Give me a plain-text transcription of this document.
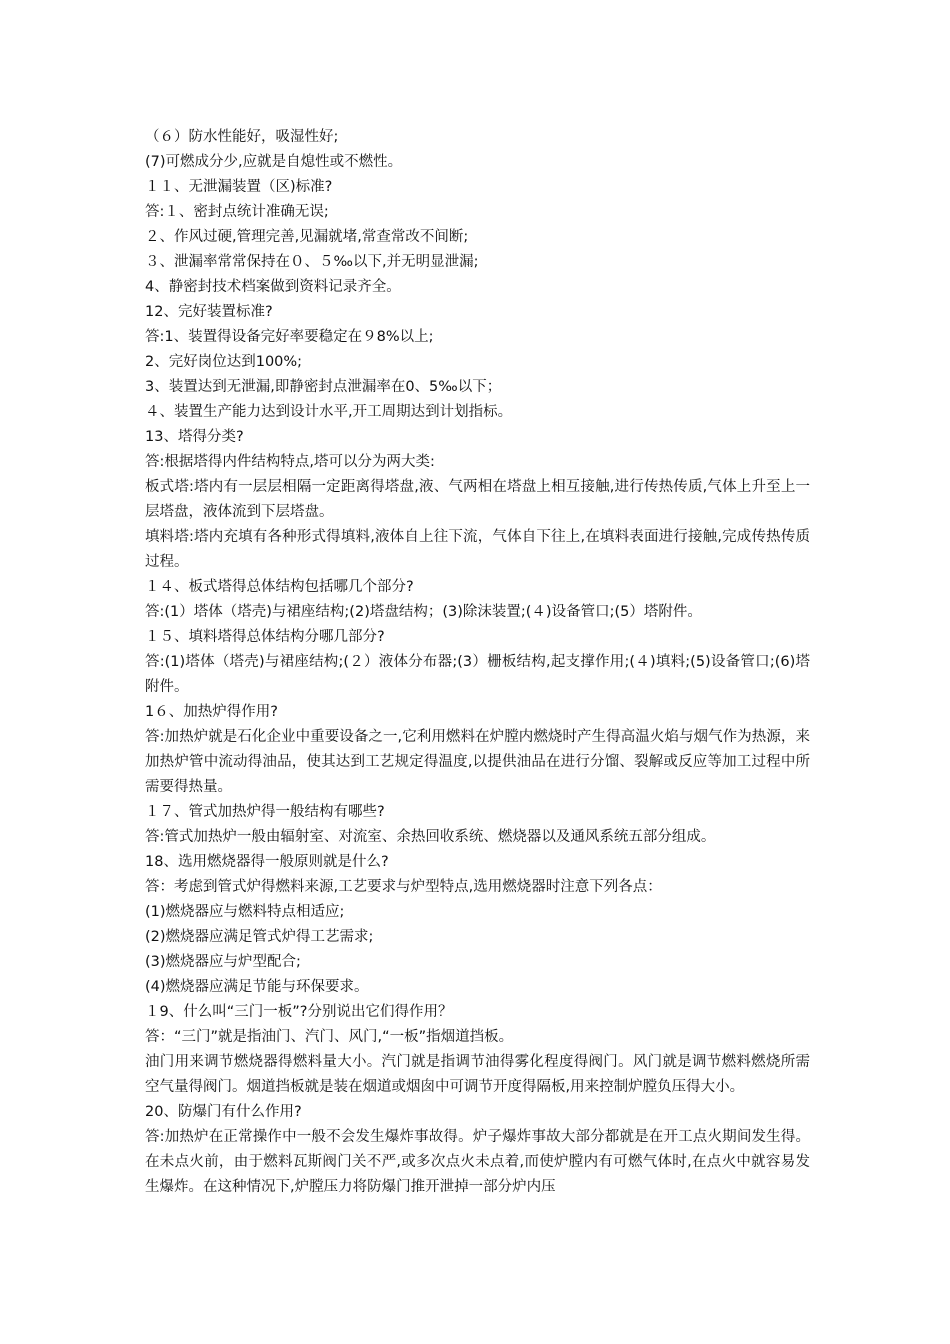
（６）防水性能好，吸湿性好;
(7)可燃成分少,应就是自熄性或不燃性。
１１、无泄漏装置（区)标准?
答:１、密封点统计准确无误;
２、作风过硬,管理完善,见漏就堵,常查常改不间断;
３、泄漏率常常保持在０、５‰以下,并无明显泄漏;
4、静密封技术档案做到资料记录齐全。
12、完好装置标准?
答:1、装置得设备完好率要稳定在９8%以上;
2、完好岗位达到100%;
3、装置达到无泄漏,即静密封点泄漏率在0、5‰以下；
４、装置生产能力达到设计水平,开工周期达到计划指标。
13、塔得分类?
答:根据塔得内件结构特点,塔可以分为两大类:
板式塔:塔内有一层层相隔一定距离得塔盘,液、气两相在塔盘上相互接触,进行传热传质,气体上升至上一层塔盘，液体流到下层塔盘。
填料塔:塔内充填有各种形式得填料,液体自上往下流，气体自下往上,在填料表面进行接触,完成传热传质过程。
１４、板式塔得总体结构包括哪几个部分?
答:(1）塔体（塔壳)与裙座结构;(2)塔盘结构；(3)除沫装置;(４)设备管口;(5）塔附件。
１５、填料塔得总体结构分哪几部分?
答:(1)塔体（塔壳)与裙座结构;(２）液体分布器;(3）栅板结构,起支撑作用;(４)填料;(5)设备管口;(6)塔附件。
1６、加热炉得作用?
答:加热炉就是石化企业中重要设备之一,它利用燃料在炉膛内燃烧时产生得高温火焰与烟气作为热源，来加热炉管中流动得油品，使其达到工艺规定得温度,以提供油品在进行分馏、裂解或反应等加工过程中所需要得热量。
１７、管式加热炉得一般结构有哪些?
答:管式加热炉一般由辐射室、对流室、余热回收系统、燃烧器以及通风系统五部分组成。
18、选用燃烧器得一般原则就是什么?
答：考虑到管式炉得燃料来源,工艺要求与炉型特点,选用燃烧器时注意下列各点：
(1)燃烧器应与燃料特点相适应;
(2)燃烧器应满足管式炉得工艺需求;
(3)燃烧器应与炉型配合;
(4)燃烧器应满足节能与环保要求。
１9、什么叫“三门一板”?分别说出它们得作用？
答：“三门”就是指油门、汽门、风门,“一板”指烟道挡板。
油门用来调节燃烧器得燃料量大小。汽门就是指调节油得雾化程度得阀门。风门就是调节燃料燃烧所需空气量得阀门。烟道挡板就是装在烟道或烟囱中可调节开度得隔板,用来控制炉膛负压得大小。
20、防爆门有什么作用?
答:加热炉在正常操作中一般不会发生爆炸事故得。炉子爆炸事故大部分都就是在开工点火期间发生得。在未点火前，由于燃料瓦斯阀门关不严,或多次点火未点着,而使炉膛内有可燃气体时,在点火中就容易发生爆炸。在这种情况下,炉膛压力将防爆门推开泄掉一部分炉内压
